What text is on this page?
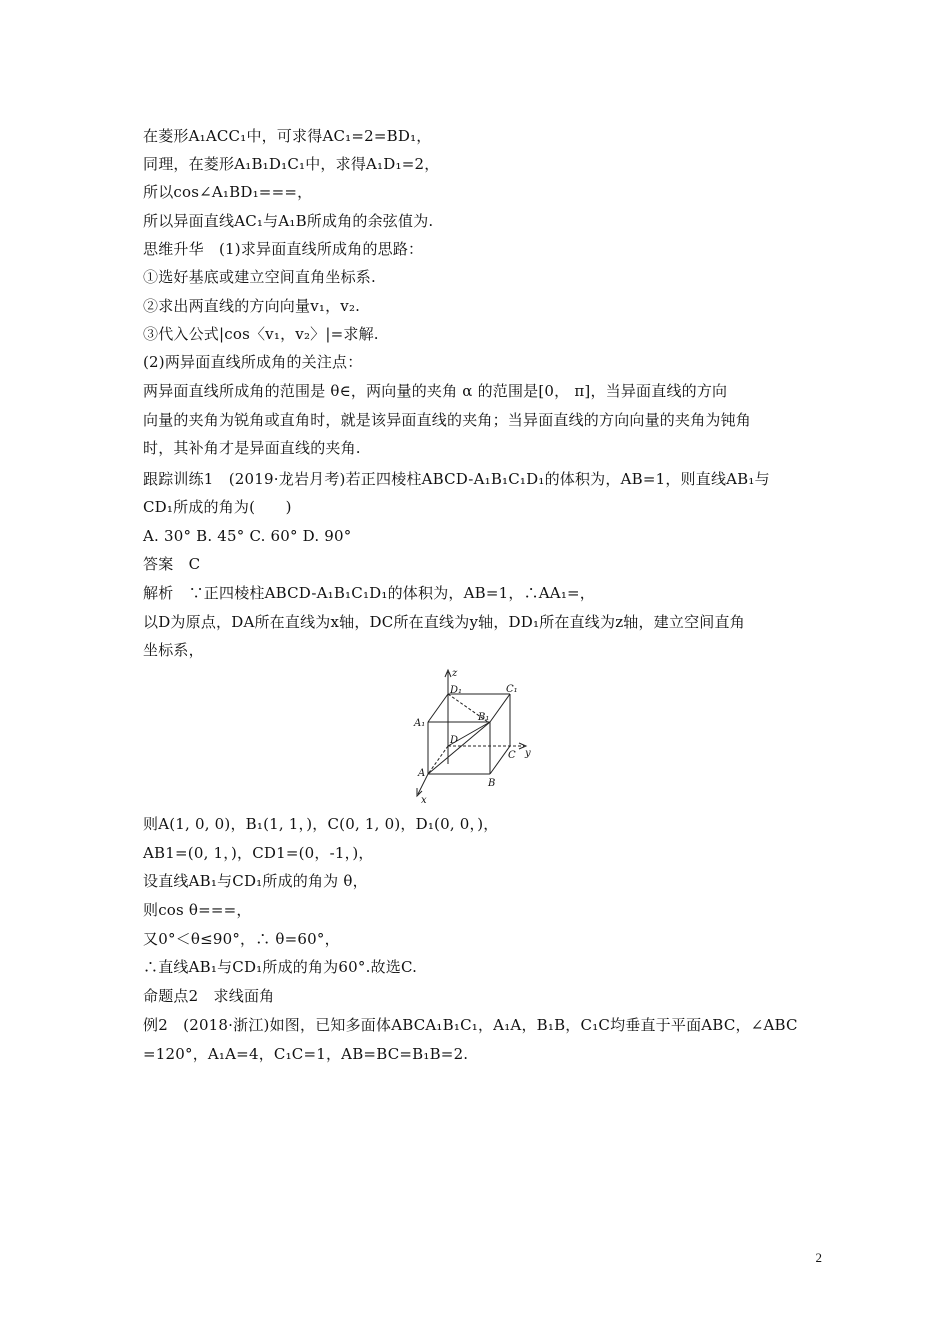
在菱形A₁ACC₁中，可求得AC₁=2=BD₁，
同理，在菱形A₁B₁D₁C₁中，求得A₁D₁=2，
所以cos∠A₁BD₁===，
所以异面直线AC₁与A₁B所成角的余弦值为.
思维升华　(1)求异面直线所成角的思路：
①选好基底或建立空间直角坐标系.
②求出两直线的方向向量v₁，v₂.
③代入公式|cos〈v₁，v₂〉|=求解.
(2)两异面直线所成角的关注点：
两异面直线所成角的范围是 θ∈，两向量的夹角 α 的范围是[0， π]，当异面直线的方向
向量的夹角为锐角或直角时，就是该异面直线的夹角；当异面直线的方向向量的夹角为钝角
时，其补角才是异面直线的夹角.
跟踪训练1　(2019·龙岩月考)若正四棱柱ABCD-A₁B₁C₁D₁的体积为，AB=1，则直线AB₁与
CD₁所成的角为(　　)
A. 30° B. 45° C. 60° D. 90°
答案　C
解析　∵正四棱柱ABCD-A₁B₁C₁D₁的体积为，AB=1，∴AA₁=，
以D为原点，DA所在直线为x轴，DC所在直线为y轴，DD₁所在直线为z轴，建立空间直角
坐标系，
z
y
x
D₁	C₁
A₁
B₁
D
C
A
B
则A(1, 0, 0)，B₁(1, 1，)，C(0, 1, 0)，D₁(0, 0，)，
AB1=(0, 1，)，CD1=(0，-1，)，
设直线AB₁与CD₁所成的角为 θ，
则cos θ===，
又0°＜θ≤90°，∴ θ=60°，
∴直线AB₁与CD₁所成的角为60°.故选C.
命题点2　求线面角
例2　(2018·浙江)如图，已知多面体ABCA₁B₁C₁，A₁A，B₁B，C₁C均垂直于平面ABC，∠ABC
=120°，A₁A=4，C₁C=1，AB=BC=B₁B=2.
2
